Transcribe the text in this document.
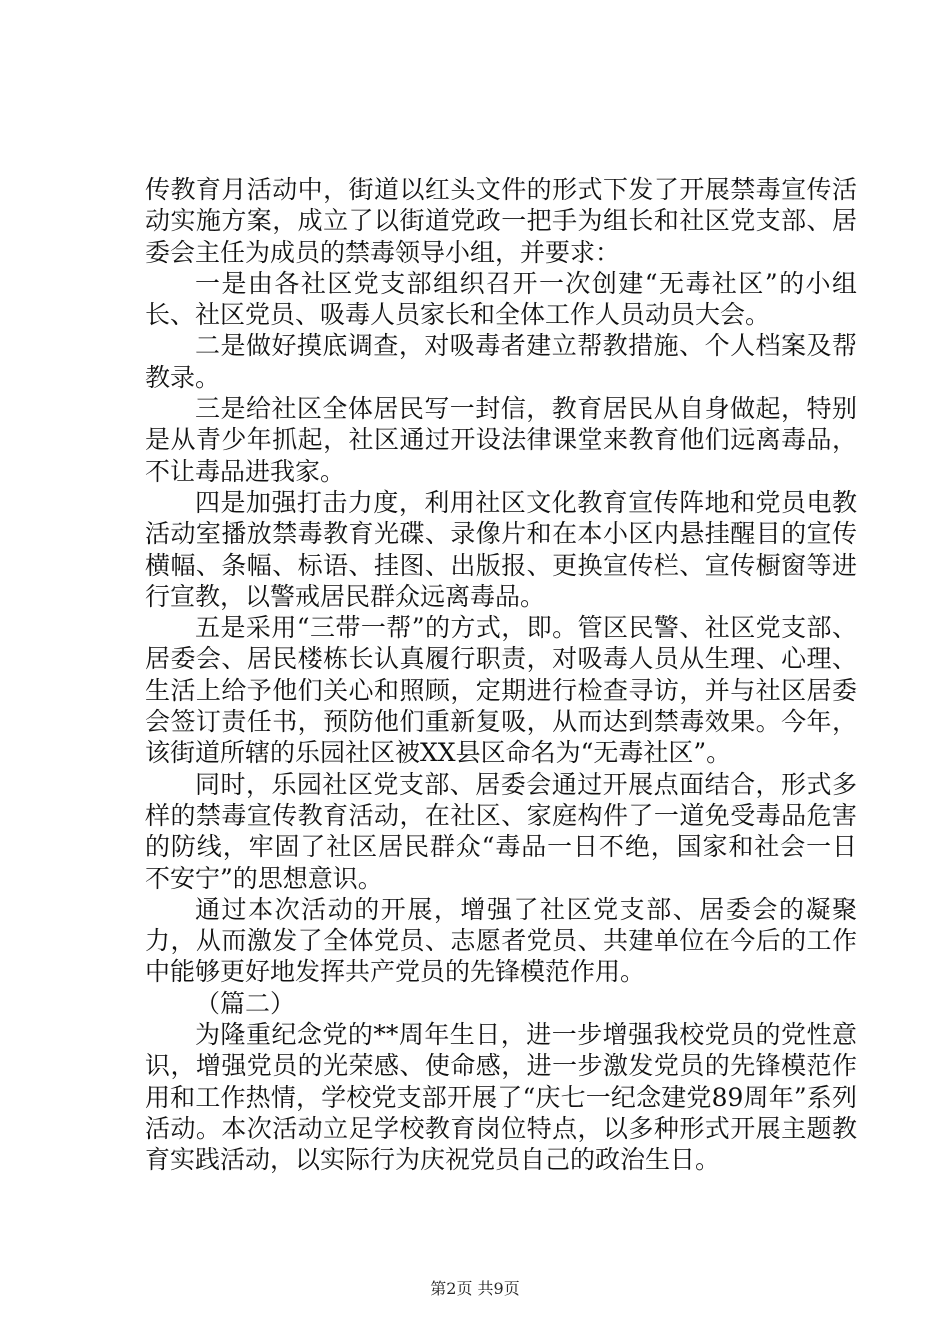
传教育月活动中，街道以红头文件的形式下发了开展禁毒宣传活动实施方案，成立了以街道党政一把手为组长和社区党支部、居委会主任为成员的禁毒领导小组，并要求：

一是由各社区党支部组织召开一次创建“无毒社区”的小组长、社区党员、吸毒人员家长和全体工作人员动员大会。

二是做好摸底调查，对吸毒者建立帮教措施、个人档案及帮教录。

三是给社区全体居民写一封信，教育居民从自身做起，特别是从青少年抓起，社区通过开设法律课堂来教育他们远离毒品，不让毒品进我家。

四是加强打击力度，利用社区文化教育宣传阵地和党员电教活动室播放禁毒教育光碟、录像片和在本小区内悬挂醒目的宣传横幅、条幅、标语、挂图、出版报、更换宣传栏、宣传橱窗等进行宣教，以警戒居民群众远离毒品。

五是采用“三带一帮”的方式，即。管区民警、社区党支部、居委会、居民楼栋长认真履行职责，对吸毒人员从生理、心理、生活上给予他们关心和照顾，定期进行检查寻访，并与社区居委会签订责任书，预防他们重新复吸，从而达到禁毒效果。今年，该街道所辖的乐园社区被XX县区命名为“无毒社区”。

同时，乐园社区党支部、居委会通过开展点面结合，形式多样的禁毒宣传教育活动，在社区、家庭构件了一道免受毒品危害的防线，牢固了社区居民群众“毒品一日不绝，国家和社会一日不安宁”的思想意识。

通过本次活动的开展，增强了社区党支部、居委会的凝聚力，从而激发了全体党员、志愿者党员、共建单位在今后的工作中能够更好地发挥共产党员的先锋模范作用。

（篇二）

为隆重纪念党的**周年生日，进一步增强我校党员的党性意识，增强党员的光荣感、使命感，进一步激发党员的先锋模范作用和工作热情，学校党支部开展了“庆七一纪念建党89周年”系列活动。本次活动立足学校教育岗位特点，以多种形式开展主题教育实践活动，以实际行为庆祝党员自己的政治生日。

第2页 共9页
